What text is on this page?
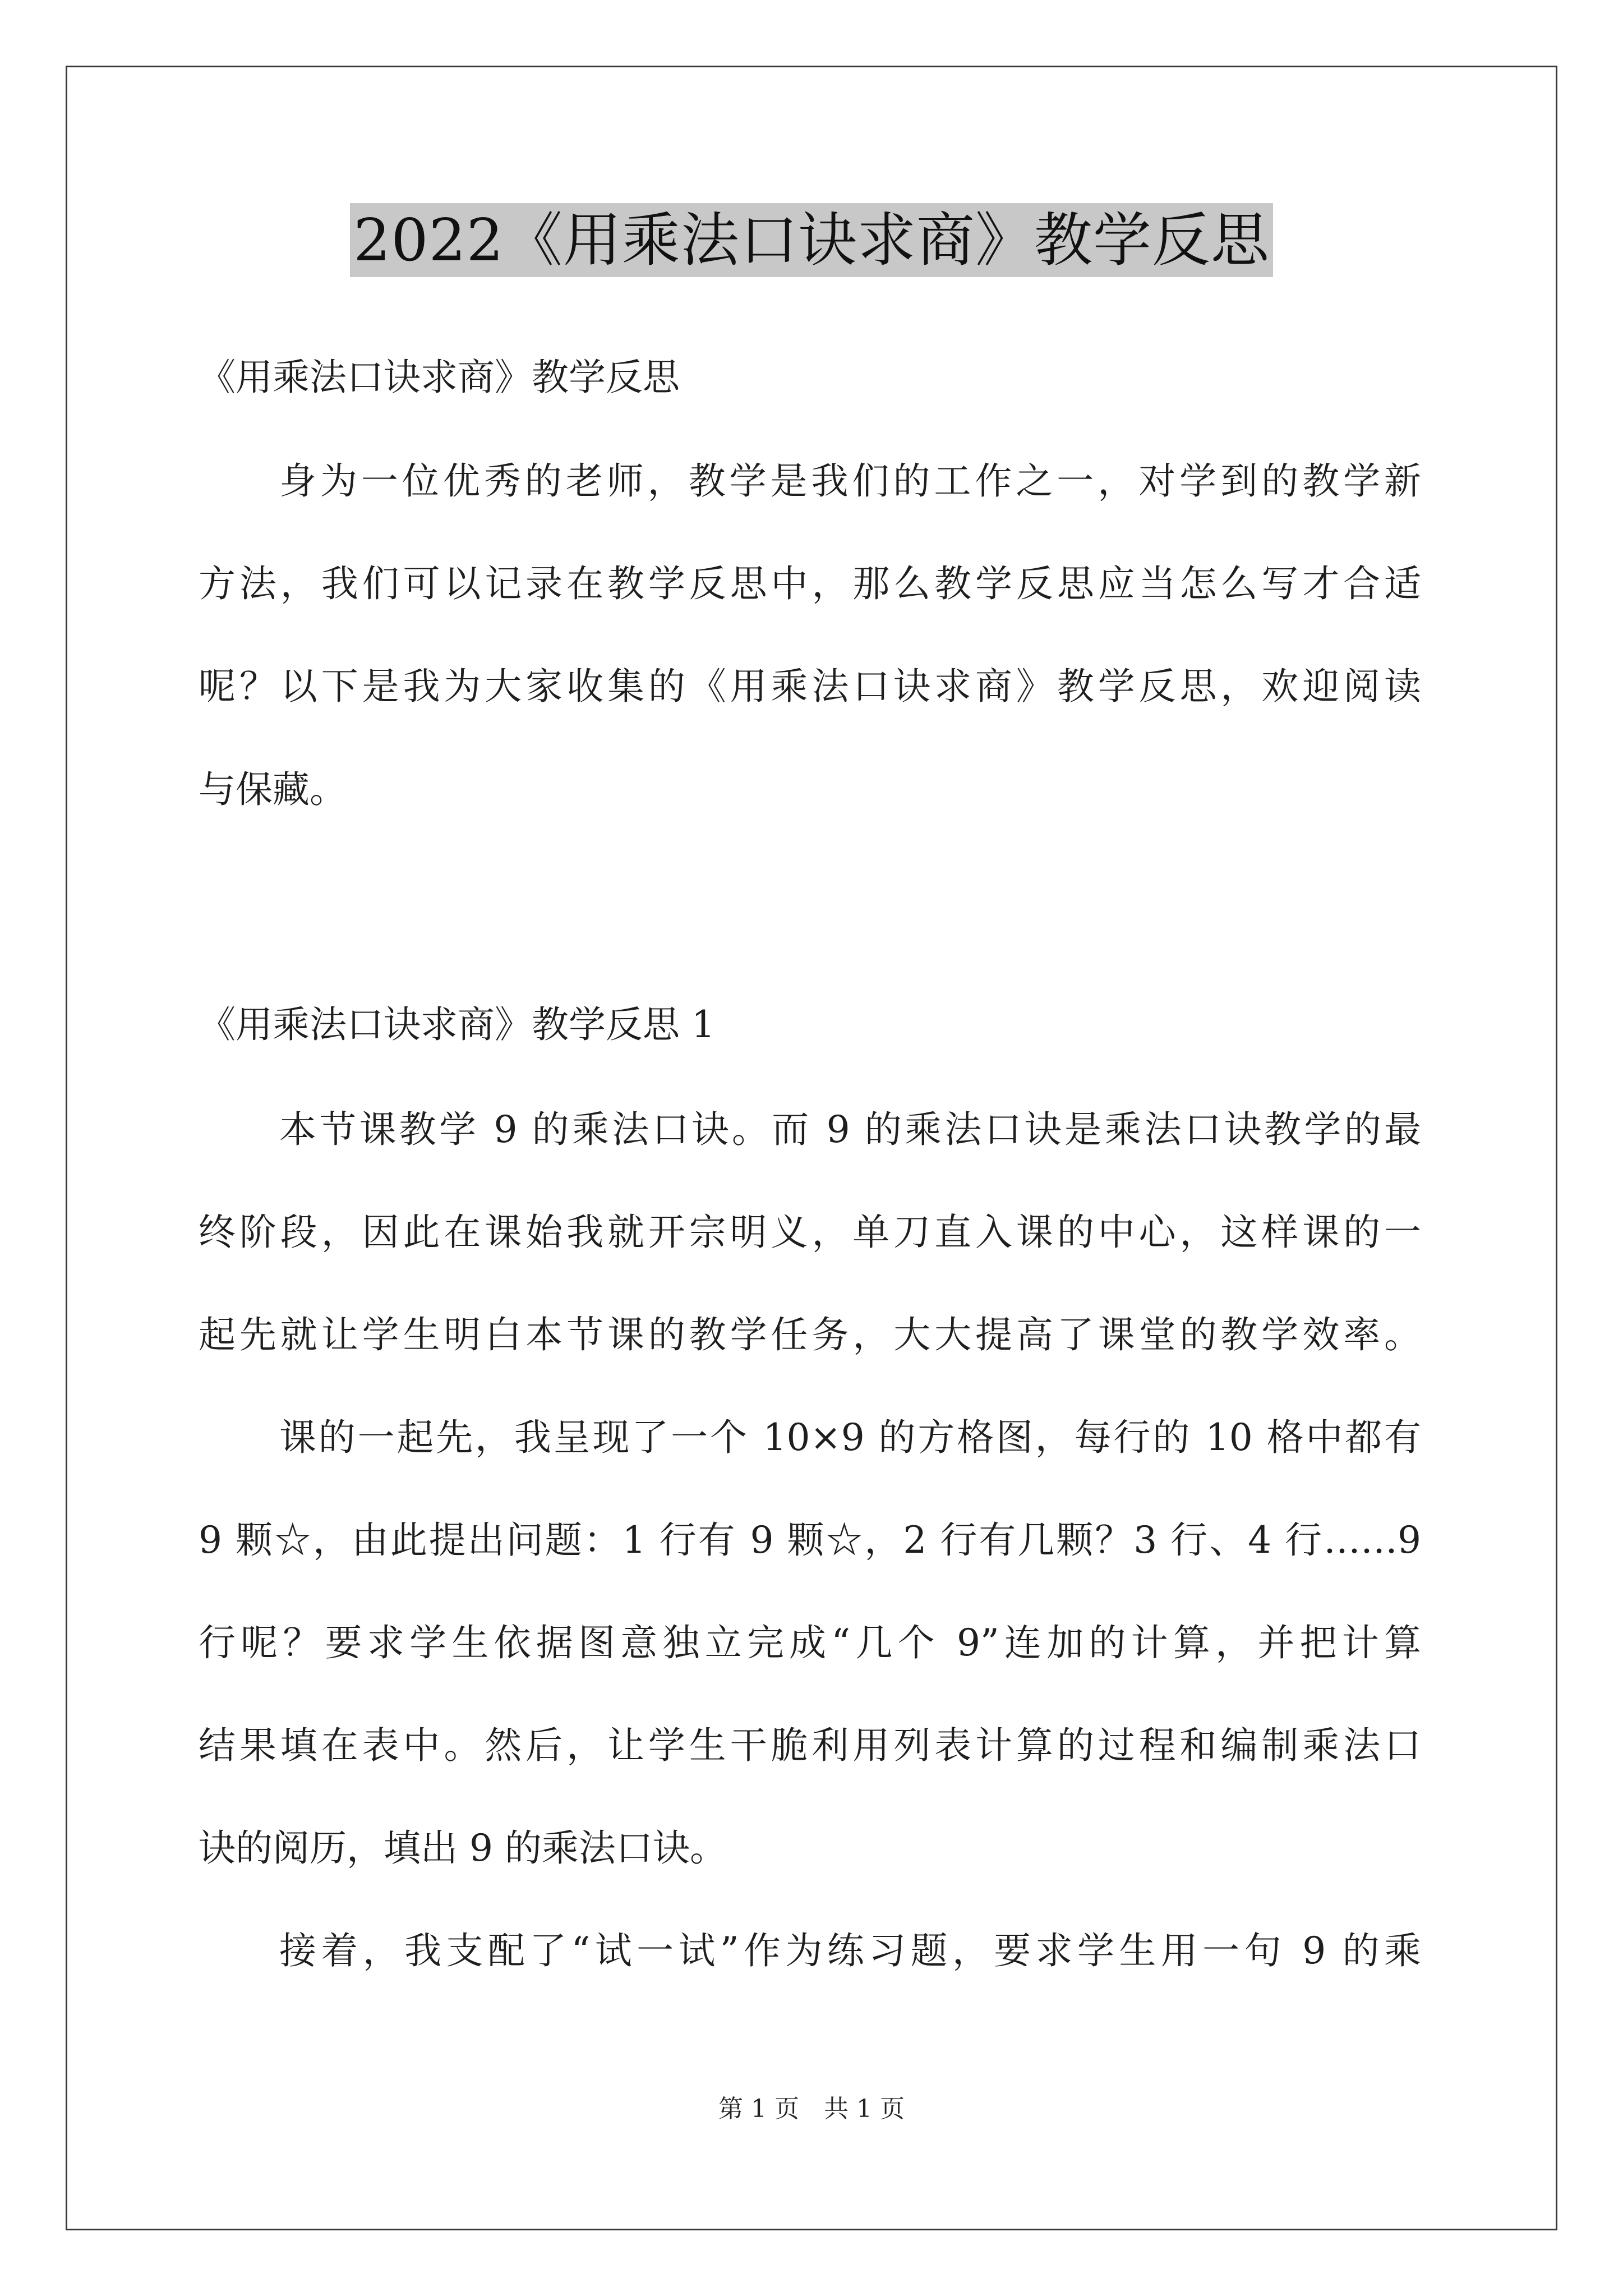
2022《用乘法口诀求商》教学反思
《用乘法口诀求商》教学反思
身为一位优秀的老师，教学是我们的工作之一，对学到的教学新
方法，我们可以记录在教学反思中，那么教学反思应当怎么写才合适
呢？以下是我为大家收集的《用乘法口诀求商》教学反思，欢迎阅读
与保藏。
《用乘法口诀求商》教学反思 1
本节课教学 9 的乘法口诀。而 9 的乘法口诀是乘法口诀教学的最
终阶段，因此在课始我就开宗明义，单刀直入课的中心，这样课的一
起先就让学生明白本节课的教学任务，大大提高了课堂的教学效率。
课的一起先，我呈现了一个 10×9 的方格图，每行的 10 格中都有
9 颗☆，由此提出问题：1 行有 9 颗☆，2 行有几颗？3 行、4 行……9
行呢？要求学生依据图意独立完成“几个 9”连加的计算，并把计算
结果填在表中。然后，让学生干脆利用列表计算的过程和编制乘法口
诀的阅历，填出 9 的乘法口诀。
接着，我支配了“试一试”作为练习题，要求学生用一句 9 的乘
第 1 页　共 1 页
